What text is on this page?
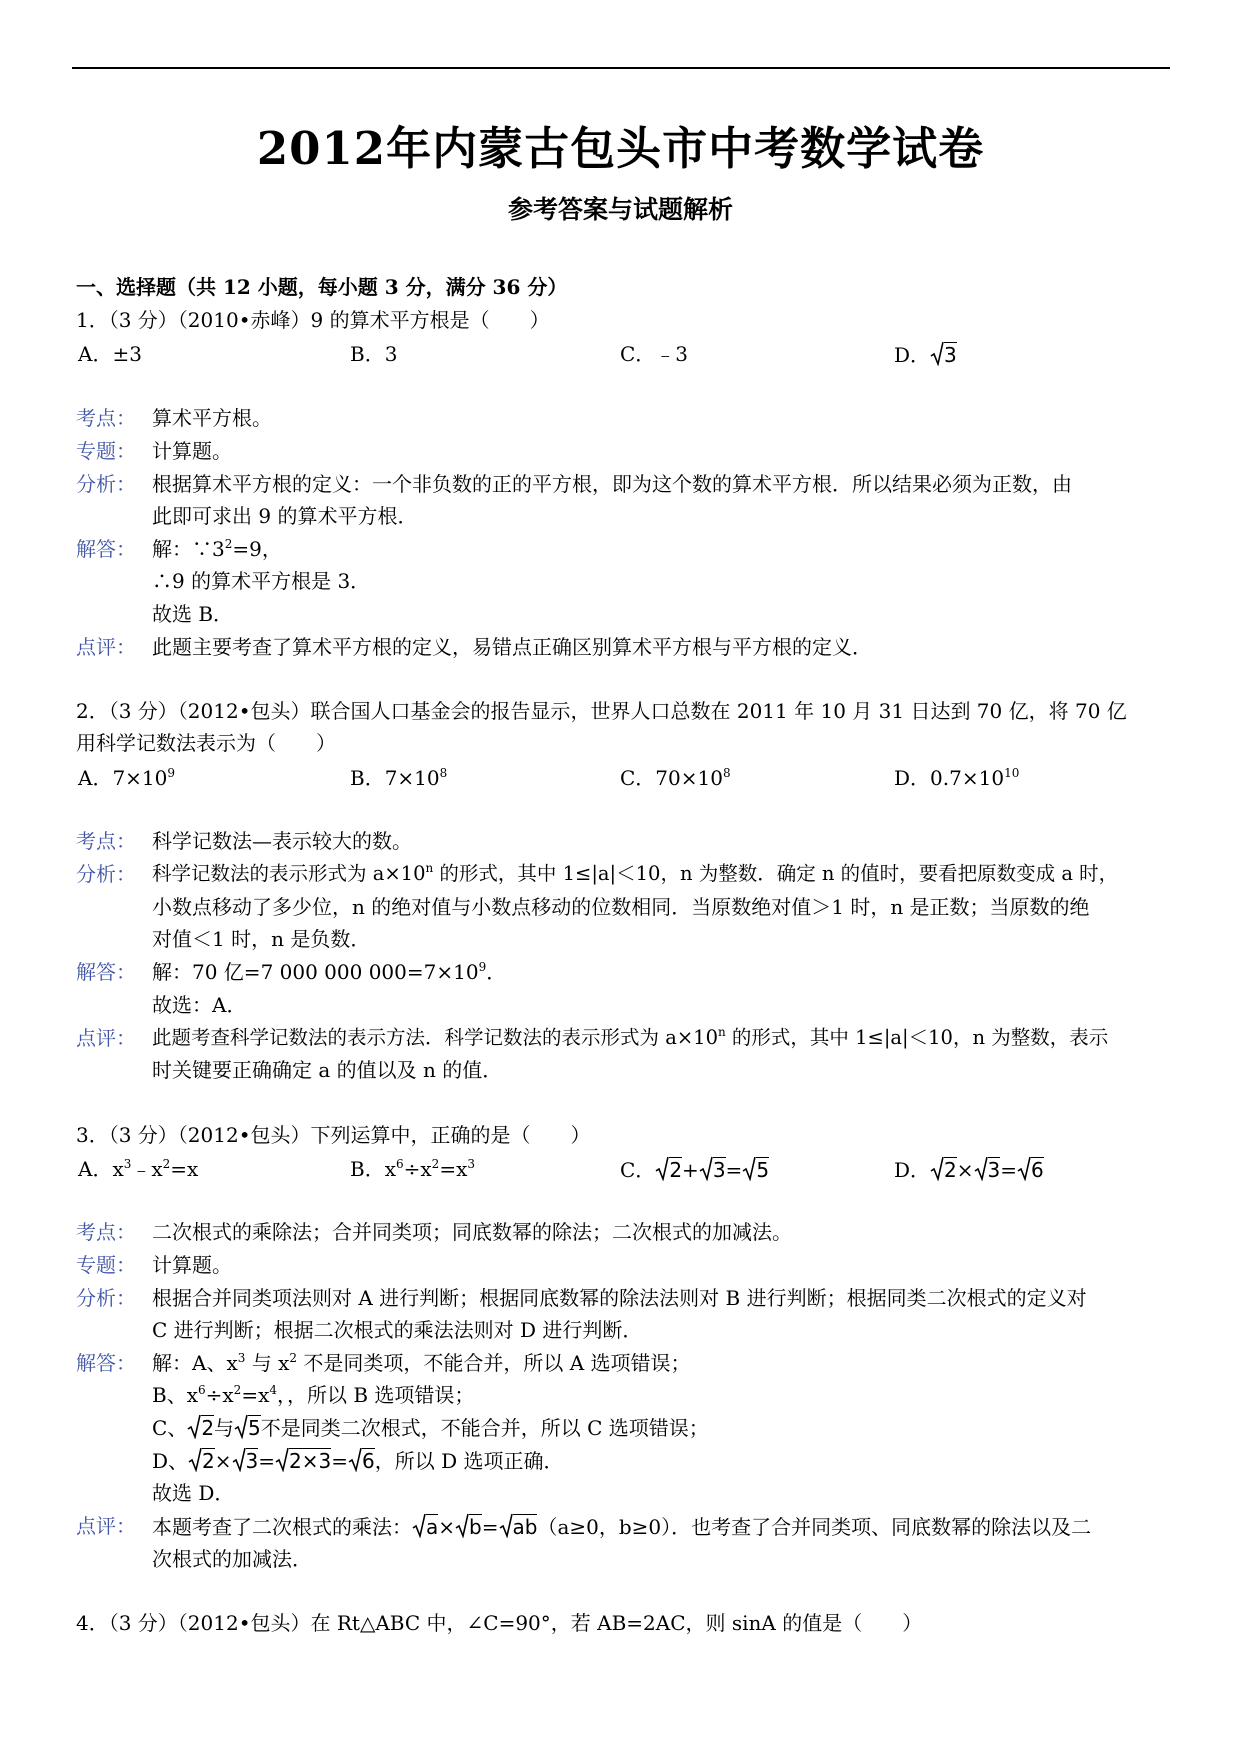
2012年内蒙古包头市中考数学试卷
参考答案与试题解析
一、选择题（共 12 小题，每小题 3 分，满分 36 分）
1．（3 分）（2010•赤峰）9 的算术平方根是（　　）
A．±3	B．3	C．﹣3	D． 3
考点： 算术平方根。
专题： 计算题。
分析： 根据算术平方根的定义：一个非负数的正的平方根，即为这个数的算术平方根．所以结果必须为正数，由
此即可求出 9 的算术平方根．
解答： 解：$\because 3^2=9$，
∴9 的算术平方根是 3．
故选 B．
点评： 此题主要考查了算术平方根的定义，易错点正确区别算术平方根与平方根的定义．
2．（3 分）（2012•包头）联合国人口基金会的报告显示，世界人口总数在 2011 年 10 月 31 日达到 70 亿，将 70 亿
用科学记数法表示为（　　）
A．$7\times 10^9$	B．$7\times 10^8$	C．$70\times 10^8$	D．$0.7\times 10^{10}$
考点： 科学记数法—表示较大的数。
分析： 科学记数法的表示形式为 $a\times 10^n$ 的形式，其中 1≤|a|＜10，n 为整数．确定 n 的值时，要看把原数变成 a 时，
小数点移动了多少位，n 的绝对值与小数点移动的位数相同．当原数绝对值＞1 时，n 是正数；当原数的绝
对值＜1 时，n 是负数．
解答： 解：70 亿=7 000 000 $000=7\times 10^9$．
故选：A．
点评： 此题考查科学记数法的表示方法．科学记数法的表示形式为 $a\times 10^n$ 的形式，其中 1≤|a|＜10，n 为整数，表示
时关键要正确确定 a 的值以及 n 的值．
3．（3 分）（2012•包头）下列运算中，正确的是（　　）
A．$x^3﹣x^2=x$	B．$x^6\div x^2=x^3$	C． 2+ 3= 5	D． 2× 3= 6
考点： 二次根式的乘除法；合并同类项；同底数幂的除法；二次根式的加减法。
专题： 计算题。
分析： 根据合并同类项法则对 A 进行判断；根据同底数幂的除法法则对 B 进行判断；根据同类二次根式的定义对
C 进行判断；根据二次根式的乘法法则对 D 进行判断．
解答： 解：A、$x^3$ 与 $x^2$ 不是同类项，不能合并，所以 A 选项错误；
B、$x^6\div x^2=x^4$，，所以 B 选项错误；
C、 2与 5不是同类二次根式，不能合并，所以 C 选项错误；
D、 2× 3= 2×3= 6，所以 D 选项正确．
故选 D．
点评： 本题考查了二次根式的乘法： a× b= ab（a≥0，b≥0）．也考查了合并同类项、同底数幂的除法以及二
次根式的加减法．
4．（3 分）（2012•包头）在 Rt△ABC 中，∠C=90°，若 AB=2AC，则 sinA 的值是（　　）
